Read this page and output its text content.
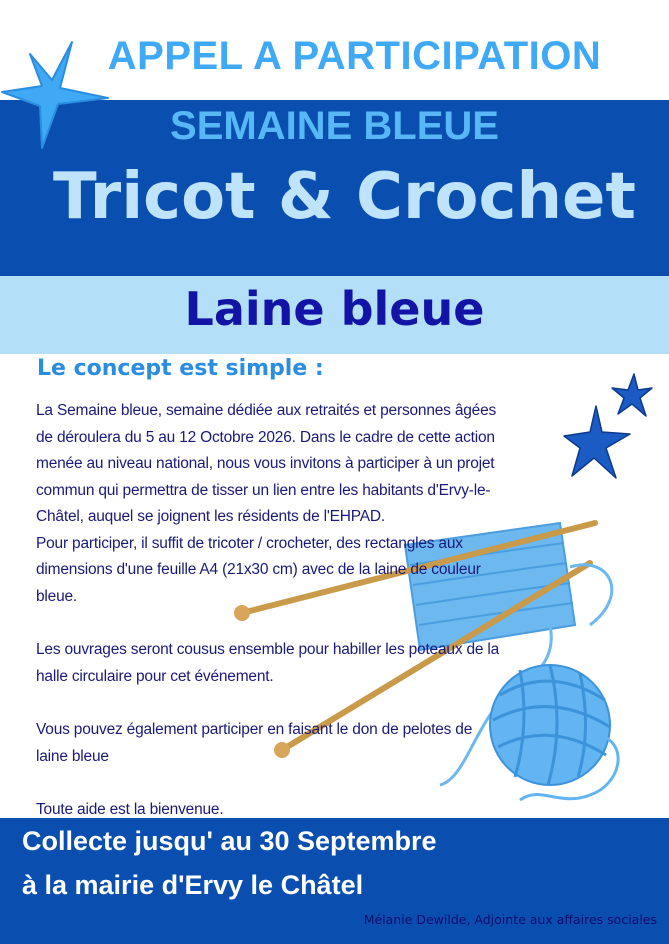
APPEL A PARTICIPATION
SEMAINE BLEUE
Tricot & Crochet
Laine bleue
Le concept est simple :

La Semaine bleue, semaine dédiée aux retraités et personnes âgées
de déroulera du 5 au 12 Octobre 2026. Dans le cadre de cette action
menée au niveau national, nous vous invitons à participer à un projet
commun qui permettra de tisser un lien entre les habitants d'Ervy-le-
Châtel, auquel se joignent les résidents de l'EHPAD.
Pour participer, il suffit de tricoter / crocheter, des rectangles aux
dimensions d'une feuille A4 (21x30 cm) avec de la laine de couleur
bleue.

Les ouvrages seront cousus ensemble pour habiller les poteaux de la
halle circulaire pour cet événement.

Vous pouvez également participer en faisant le don de pelotes de
laine bleue

Toute aide est la bienvenue.

Collecte jusqu' au 30 Septembre
à la mairie d'Ervy le Châtel
Mélanie Dewilde, Adjointe aux affaires sociales
